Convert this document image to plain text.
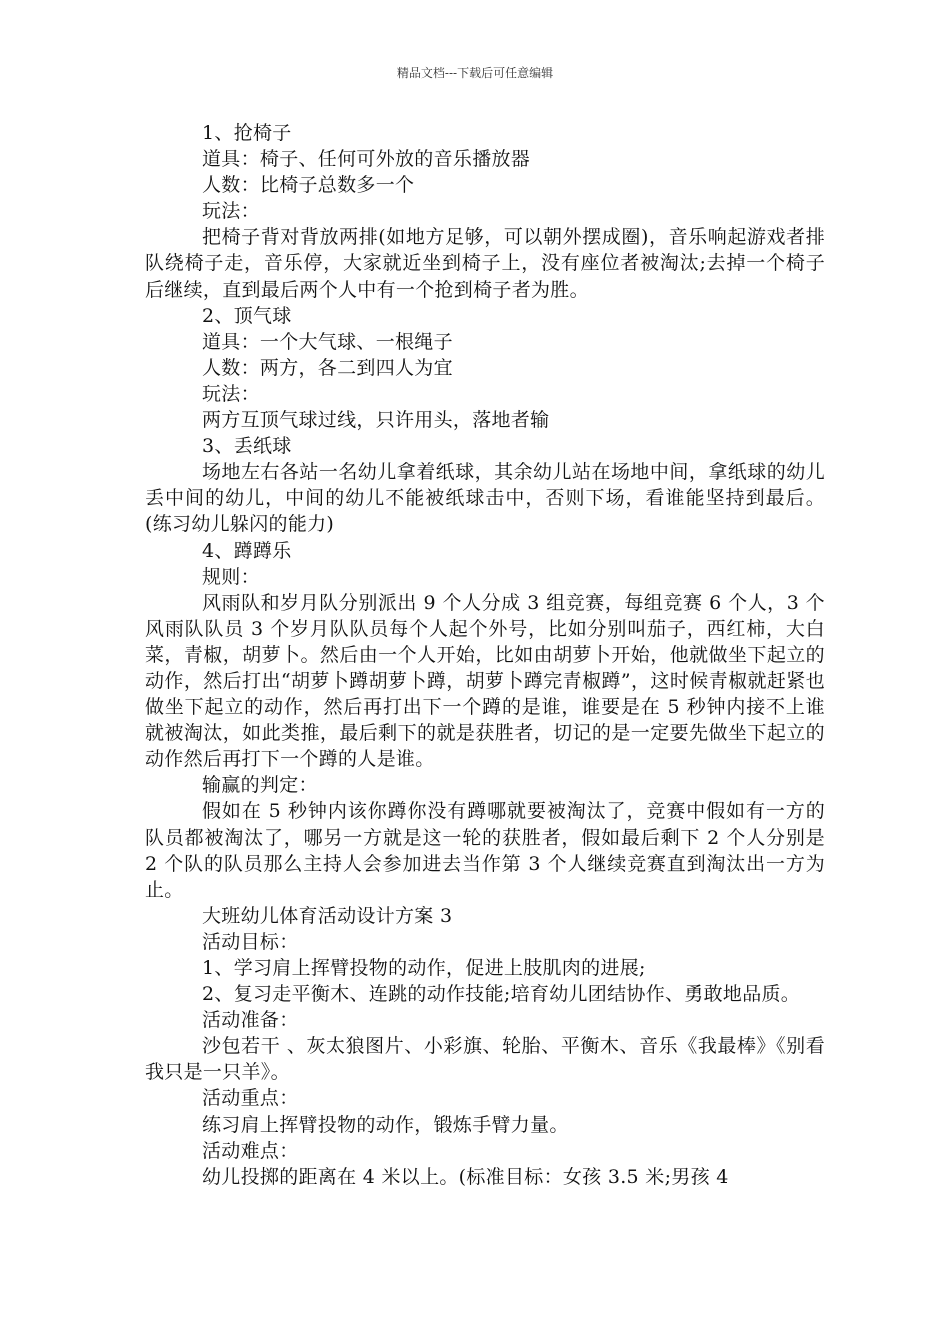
精品文档---下载后可任意编辑

1、抢椅子

道具：椅子、任何可外放的音乐播放器

人数：比椅子总数多一个

玩法：

把椅子背对背放两排(如地方足够，可以朝外摆成圈)，音乐响起游戏者排队绕椅子走，音乐停，大家就近坐到椅子上，没有座位者被淘汰;去掉一个椅子后继续，直到最后两个人中有一个抢到椅子者为胜。

2、顶气球

道具：一个大气球、一根绳子

人数：两方，各二到四人为宜

玩法：

两方互顶气球过线，只许用头，落地者输

3、丢纸球

场地左右各站一名幼儿拿着纸球，其余幼儿站在场地中间，拿纸球的幼儿丢中间的幼儿，中间的幼儿不能被纸球击中，否则下场，看谁能坚持到最后。(练习幼儿躲闪的能力)

4、蹲蹲乐

规则：

风雨队和岁月队分别派出 9 个人分成 3 组竞赛，每组竞赛 6 个人，3 个风雨队队员 3 个岁月队队员每个人起个外号，比如分别叫茄子，西红柿，大白菜，青椒，胡萝卜。然后由一个人开始，比如由胡萝卜开始，他就做坐下起立的动作，然后打出“胡萝卜蹲胡萝卜蹲，胡萝卜蹲完青椒蹲”，这时候青椒就赶紧也做坐下起立的动作，然后再打出下一个蹲的是谁，谁要是在 5 秒钟内接不上谁就被淘汰，如此类推，最后剩下的就是获胜者，切记的是一定要先做坐下起立的动作然后再打下一个蹲的人是谁。

输赢的判定：

假如在 5 秒钟内该你蹲你没有蹲哪就要被淘汰了，竞赛中假如有一方的队员都被淘汰了，哪另一方就是这一轮的获胜者，假如最后剩下 2 个人分别是 2 个队的队员那么主持人会参加进去当作第 3 个人继续竞赛直到淘汰出一方为止。

大班幼儿体育活动设计方案 3

活动目标：

1、学习肩上挥臂投物的动作，促进上肢肌肉的进展;

2、复习走平衡木、连跳的动作技能;培育幼儿团结协作、勇敢地品质。

活动准备：

沙包若干 、灰太狼图片、小彩旗、轮胎、平衡木、音乐《我最棒》《别看我只是一只羊》。

活动重点：

练习肩上挥臂投物的动作，锻炼手臂力量。

活动难点：

幼儿投掷的距离在 4 米以上。(标准目标：女孩 3.5 米;男孩 4
